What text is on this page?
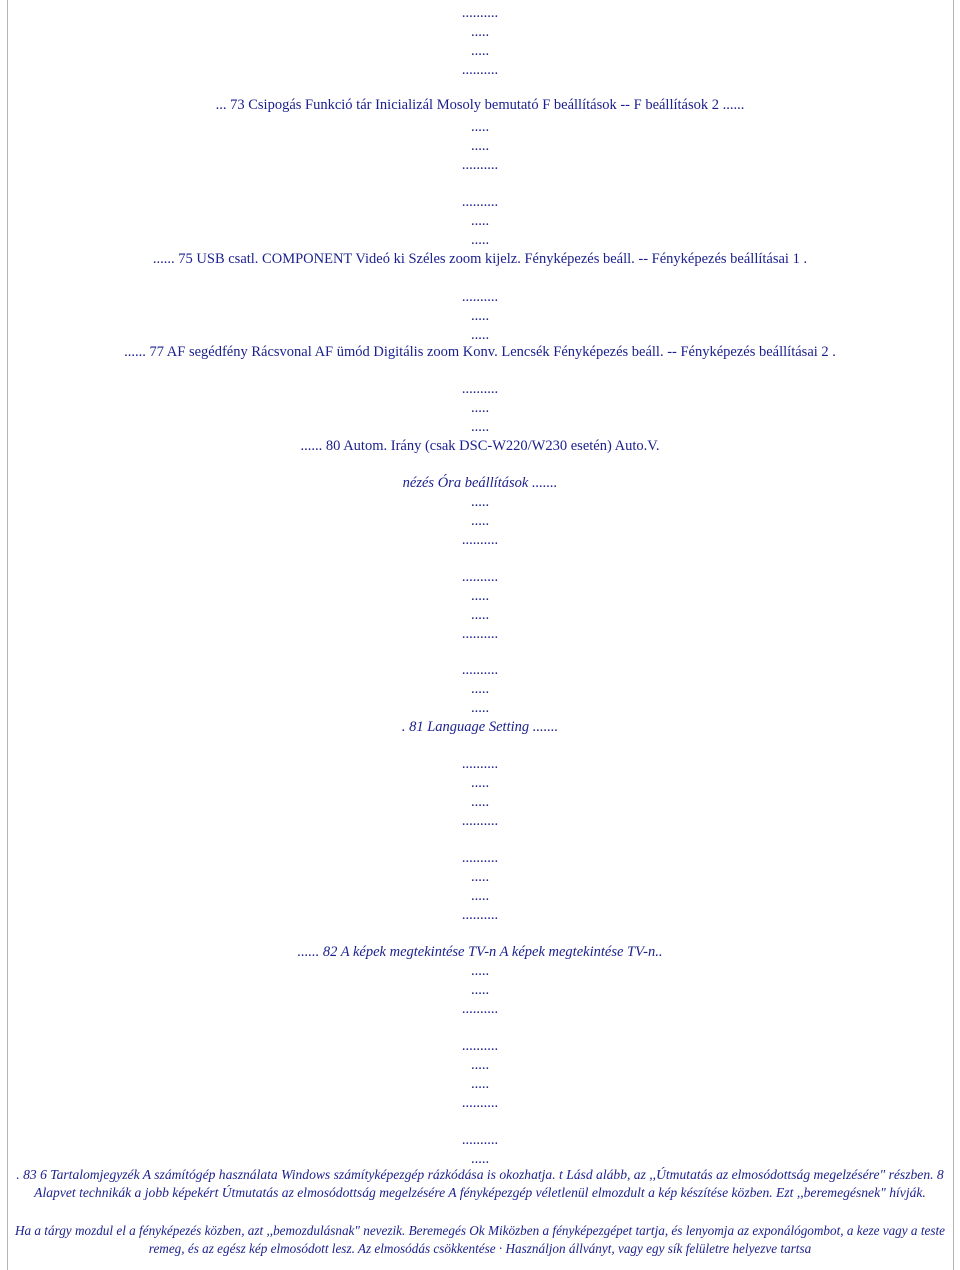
..........
.....
.....
..........
... 73 Csipogás Funkció tár Inicializál Mosoly bemutató F beállítások -- F beállítások 2 ......
.....
.....
..........
..........
.....
.....
...... 75 USB csatl. COMPONENT Videó ki Széles zoom kijelz. Fényképezés beáll. -- Fényképezés beállításai 1 .
..........
.....
.....
...... 77 AF segédfény Rácsvonal AF ümód Digitális zoom Konv. Lencsék Fényképezés beáll. -- Fényképezés beállításai 2 .
..........
.....
.....
...... 80 Autom. Irány (csak DSC-W220/W230 esetén) Auto.V.
nézés Óra beállítások .......
.....
.....
..........
..........
.....
.....
..........
..........
.....
.....
. 81 Language Setting .......
..........
.....
.....
..........
..........
.....
.....
..........
...... 82 A képek megtekintése TV-n A képek megtekintése TV-n..
.....
.....
..........
..........
.....
.....
..........
..........
.....
. 83 6 Tartalomjegyzék A számítógép használata Windows számítyképezgép rázkódása is okozhatja. t Lásd alább, az ,,Útmutatás az elmosódottság megelzésére" részben. 8 Alapvet technikák a jobb képekért Útmutatás az elmosódottság megelzésére A fényképezgép véletlenül elmozdult a kép készítése közben. Ezt ,,beremegésnek" hívják.
Ha a tárgy mozdul el a fényképezés közben, azt ,,bemozdulásnak" nevezik. Beremegés Ok Miközben a fényképezgépet tartja, és lenyomja az exponálógombot, a keze vagy a teste remeg, és az egész kép elmosódott lesz. Az elmosódás csökkentése · Használjon állványt, vagy egy sík felületre helyezve tartsa
